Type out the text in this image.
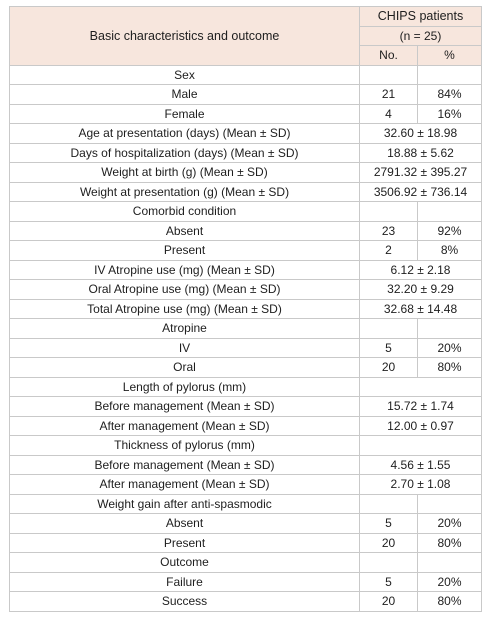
Basic characteristics and outcome	CHIPS patients	
	(n = 25)	
	No.	%
Sex		
Male	21	84%
Female	4	16%
Age at presentation (days) (Mean ± SD)	32.60 ± 18.98	
Days of hospitalization (days) (Mean ± SD)	18.88 ± 5.62	
Weight at birth (g) (Mean ± SD)	2791.32 ± 395.27	
Weight at presentation (g) (Mean ± SD)	3506.92 ± 736.14	
Comorbid condition		
Absent	23	92%
Present	2	8%
IV Atropine use (mg) (Mean ± SD)	6.12 ± 2.18	
Oral Atropine use (mg) (Mean ± SD)	32.20 ± 9.29	
Total Atropine use (mg) (Mean ± SD)	32.68 ± 14.48	
Atropine		
IV	5	20%
Oral	20	80%
Length of pylorus (mm)		
Before management (Mean ± SD)	15.72 ± 1.74	
After management (Mean ± SD)	12.00 ± 0.97	
Thickness of pylorus (mm)		
Before management (Mean ± SD)	4.56 ± 1.55	
After management (Mean ± SD)	2.70 ± 1.08	
Weight gain after anti-spasmodic		
Absent	5	20%
Present	20	80%
Outcome		
Failure	5	20%
Success	20	80%
